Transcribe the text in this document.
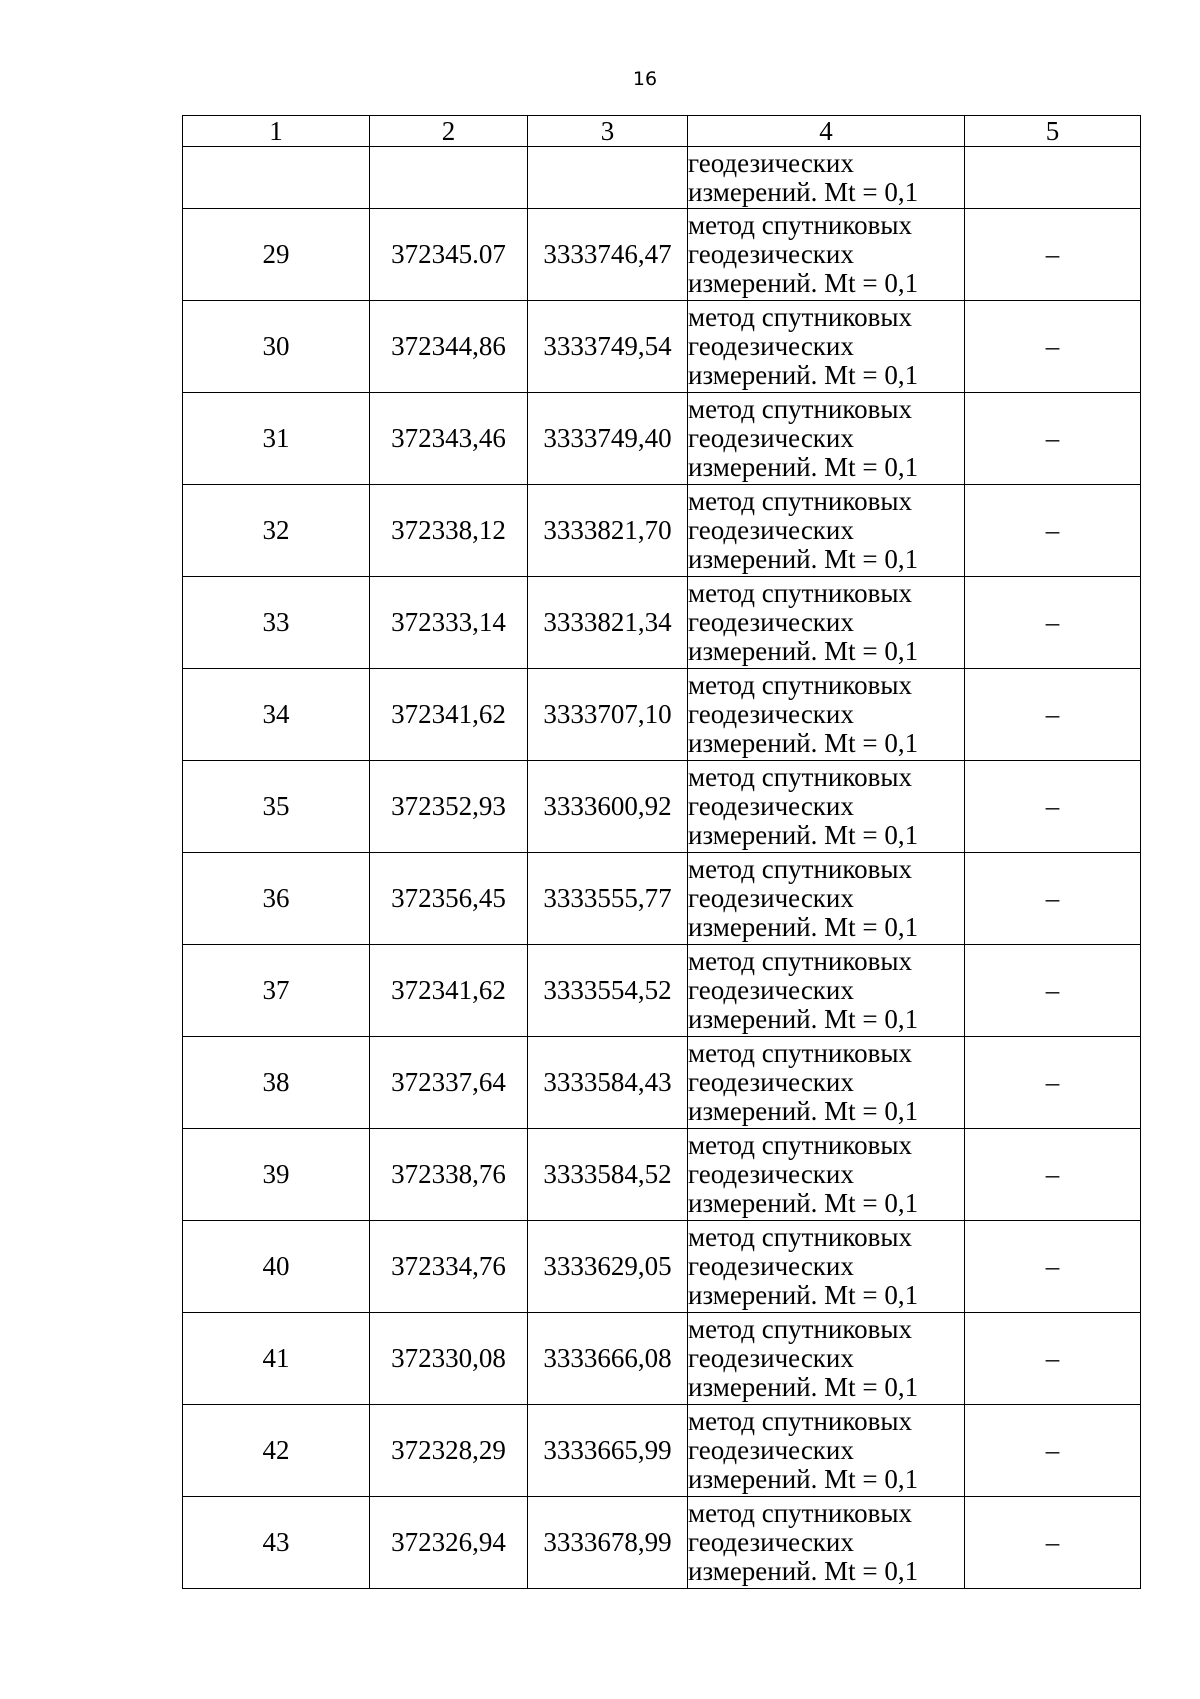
16
1	2	3	4	5
			геодезических
измерений. Mt = 0,1	
29	372345.07	3333746,47	метод спутниковых
геодезических
измерений. Mt = 0,1	–
30	372344,86	3333749,54	метод спутниковых
геодезических
измерений. Mt = 0,1	–
31	372343,46	3333749,40	метод спутниковых
геодезических
измерений. Mt = 0,1	–
32	372338,12	3333821,70	метод спутниковых
геодезических
измерений. Mt = 0,1	–
33	372333,14	3333821,34	метод спутниковых
геодезических
измерений. Mt = 0,1	–
34	372341,62	3333707,10	метод спутниковых
геодезических
измерений. Mt = 0,1	–
35	372352,93	3333600,92	метод спутниковых
геодезических
измерений. Mt = 0,1	–
36	372356,45	3333555,77	метод спутниковых
геодезических
измерений. Mt = 0,1	–
37	372341,62	3333554,52	метод спутниковых
геодезических
измерений. Mt = 0,1	–
38	372337,64	3333584,43	метод спутниковых
геодезических
измерений. Mt = 0,1	–
39	372338,76	3333584,52	метод спутниковых
геодезических
измерений. Mt = 0,1	–
40	372334,76	3333629,05	метод спутниковых
геодезических
измерений. Mt = 0,1	–
41	372330,08	3333666,08	метод спутниковых
геодезических
измерений. Mt = 0,1	–
42	372328,29	3333665,99	метод спутниковых
геодезических
измерений. Mt = 0,1	–
43	372326,94	3333678,99	метод спутниковых
геодезических
измерений. Mt = 0,1	–
